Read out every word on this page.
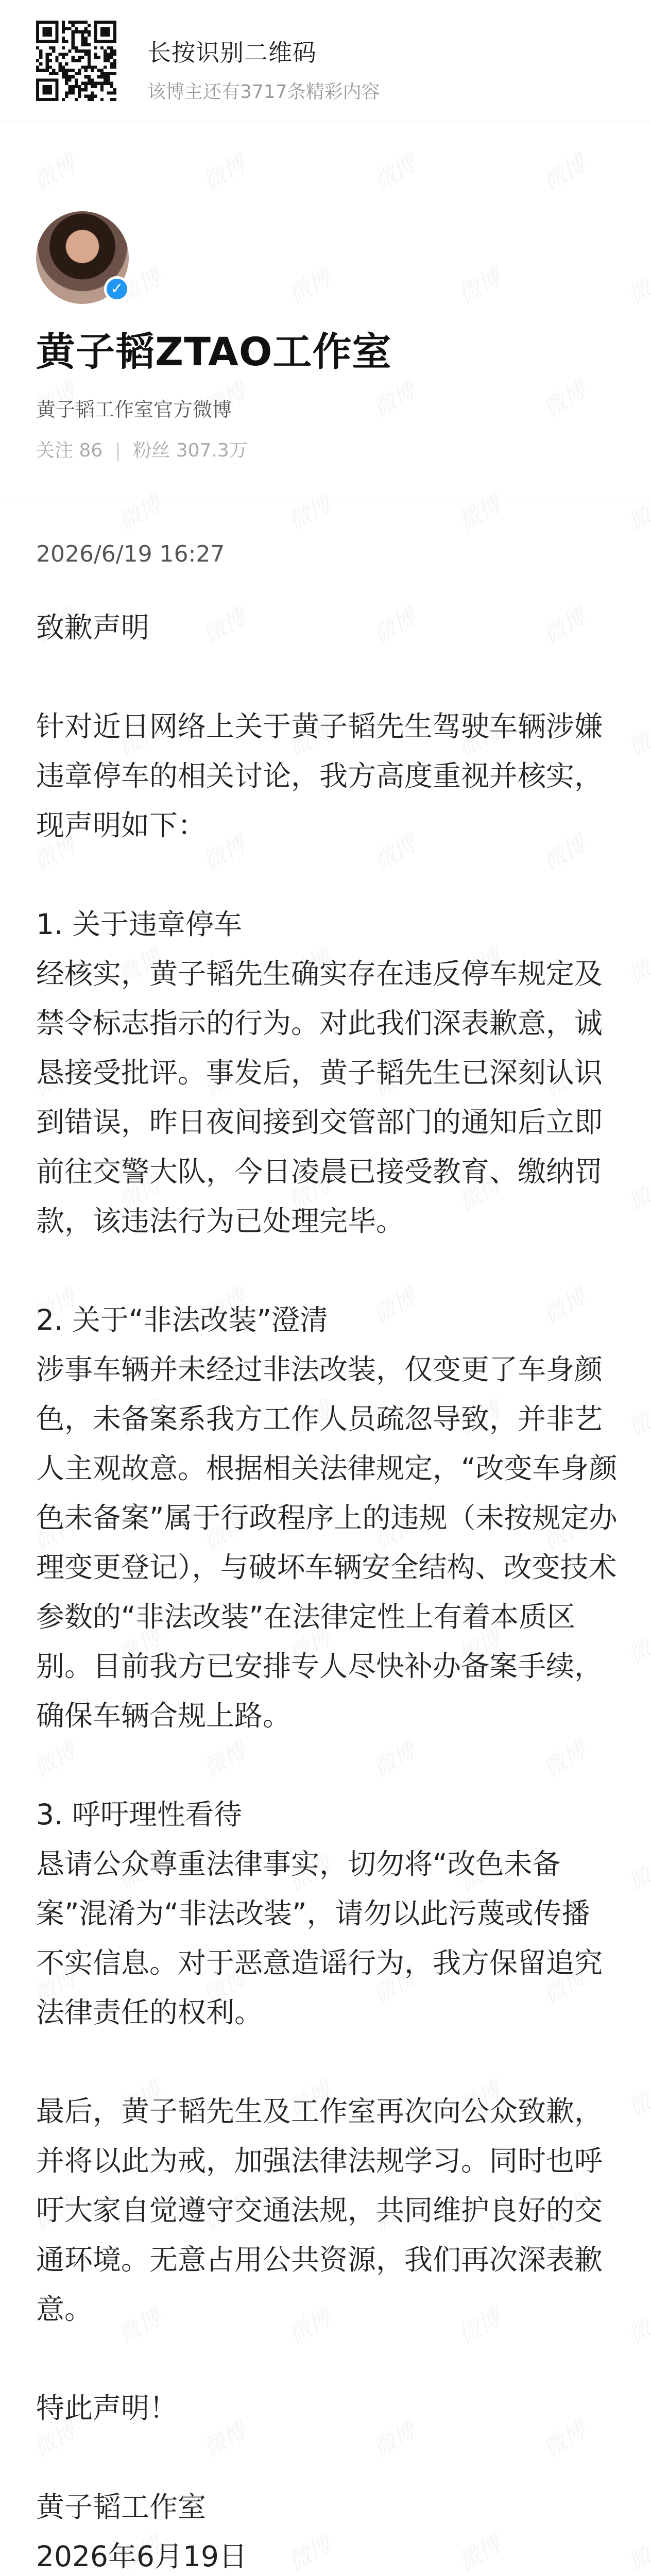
长按识别二维码
该博主还有3717条精彩内容
✓
黄子韬ZTAO工作室
黄子韬工作室官方微博
关注 86 | 粉丝 307.3万
2026/6/19 16:27

致歉声明

针对近日网络上关于黄子韬先生驾驶车辆涉嫌违章停车的相关讨论，我方高度重视并核实，现声明如下：

1. 关于违章停车

经核实，黄子韬先生确实存在违反停车规定及禁令标志指示的行为。对此我们深表歉意，诚恳接受批评。事发后，黄子韬先生已深刻认识到错误，昨日夜间接到交管部门的通知后立即前往交警大队，今日凌晨已接受教育、缴纳罚款，该违法行为已处理完毕。

2. 关于“非法改装”澄清

涉事车辆并未经过非法改装，仅变更了车身颜色，未备案系我方工作人员疏忽导致，并非艺人主观故意。根据相关法律规定，“改变车身颜色未备案”属于行政程序上的违规（未按规定办理变更登记），与破坏车辆安全结构、改变技术参数的“非法改装”在法律定性上有着本质区别。目前我方已安排专人尽快补办备案手续，确保车辆合规上路。

3. 呼吁理性看待

恳请公众尊重法律事实，切勿将“改色未备案”混淆为“非法改装”，请勿以此污蔑或传播不实信息。对于恶意造谣行为，我方保留追究法律责任的权利。

最后，黄子韬先生及工作室再次向公众致歉，并将以此为戒，加强法律法规学习。同时也呼吁大家自觉遵守交通法规，共同维护良好的交通环境。无意占用公共资源，我们再次深表歉意。

特此声明！

黄子韬工作室

2026年6月19日
